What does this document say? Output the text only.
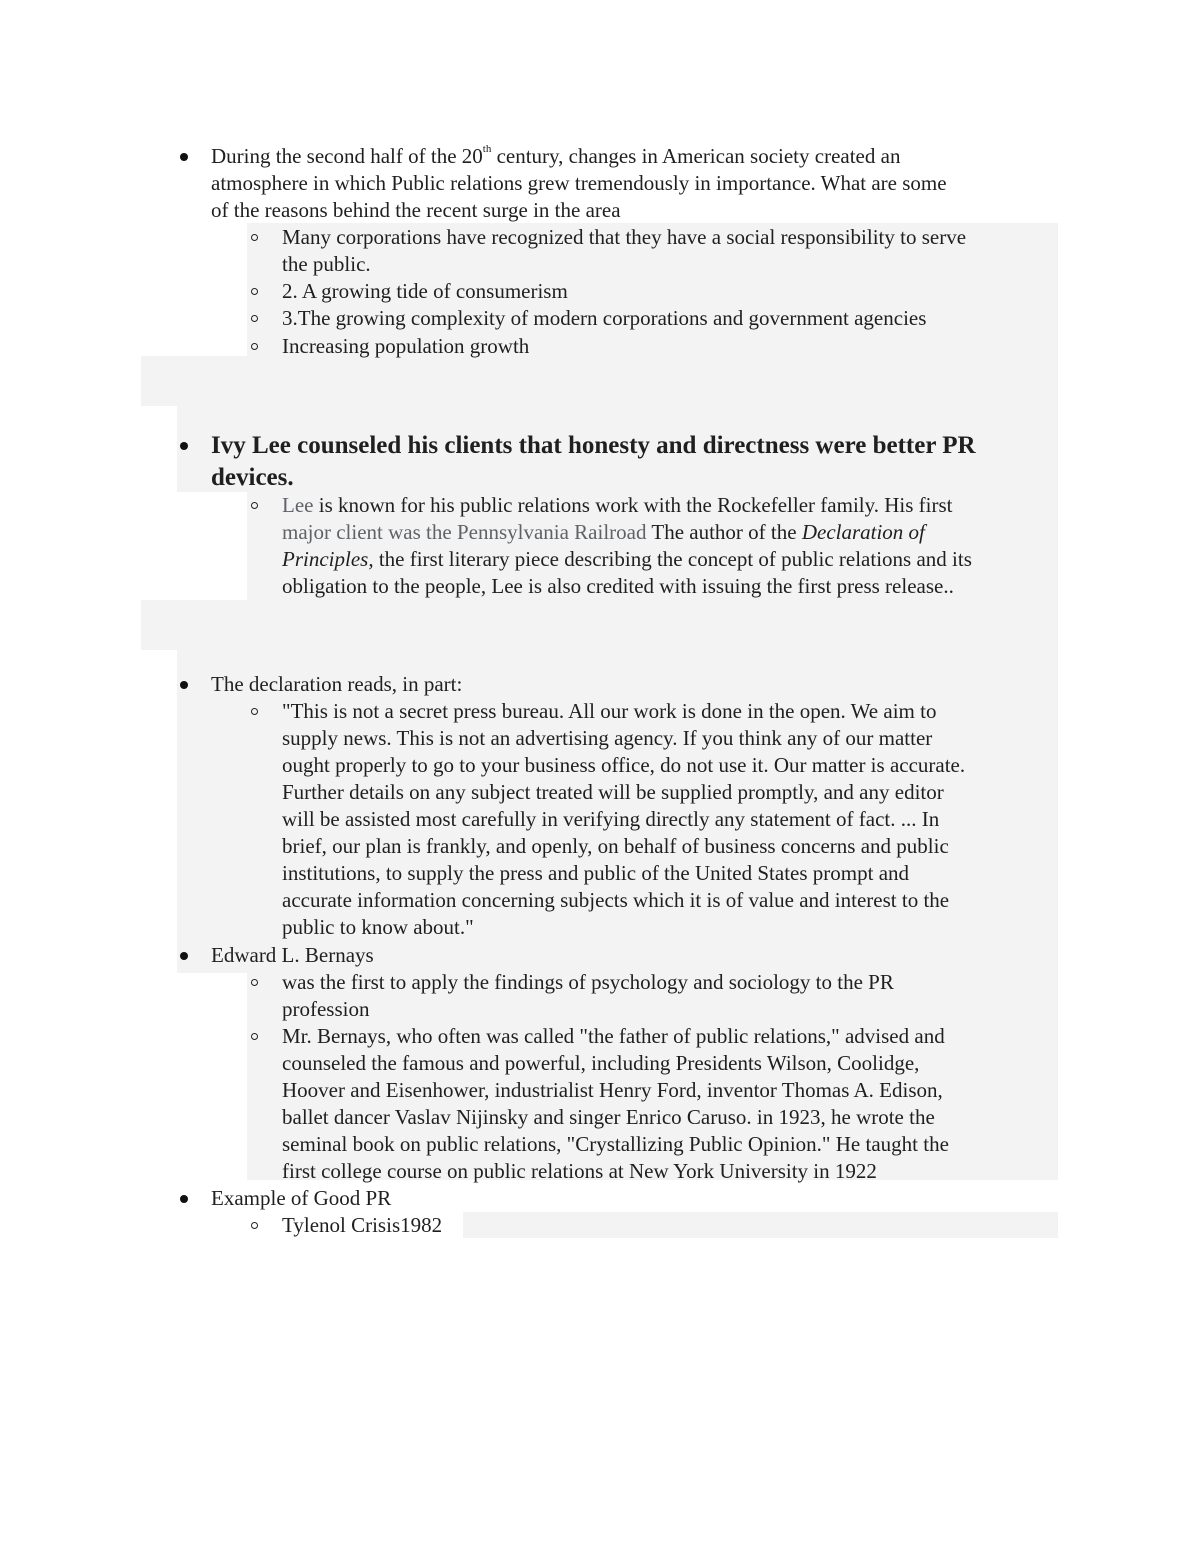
During the second half of the 20th century, changes in American society created an
atmosphere in which Public relations grew tremendously in importance. What are some
of the reasons behind the recent surge in the area
Many corporations have recognized that they have a social responsibility to serve
the public.
2. A growing tide of consumerism
3.The growing complexity of modern corporations and government agencies
Increasing population growth
Ivy Lee counseled his clients that honesty and directness were better PR
devices.
Lee is known for his public relations work with the Rockefeller family. His first
major client was the Pennsylvania Railroad The author of the Declaration of
Principles, the first literary piece describing the concept of public relations and its
obligation to the people, Lee is also credited with issuing the first press release..
The declaration reads, in part:
"This is not a secret press bureau. All our work is done in the open. We aim to
supply news. This is not an advertising agency. If you think any of our matter
ought properly to go to your business office, do not use it. Our matter is accurate.
Further details on any subject treated will be supplied promptly, and any editor
will be assisted most carefully in verifying directly any statement of fact. ... In
brief, our plan is frankly, and openly, on behalf of business concerns and public
institutions, to supply the press and public of the United States prompt and
accurate information concerning subjects which it is of value and interest to the
public to know about."
Edward L. Bernays
was the first to apply the findings of psychology and sociology to the PR
profession
Mr. Bernays, who often was called "the father of public relations," advised and
counseled the famous and powerful, including Presidents Wilson, Coolidge,
Hoover and Eisenhower, industrialist Henry Ford, inventor Thomas A. Edison,
ballet dancer Vaslav Nijinsky and singer Enrico Caruso. in 1923, he wrote the
seminal book on public relations, "Crystallizing Public Opinion." He taught the
first college course on public relations at New York University in 1922
Example of Good PR
Tylenol Crisis1982
